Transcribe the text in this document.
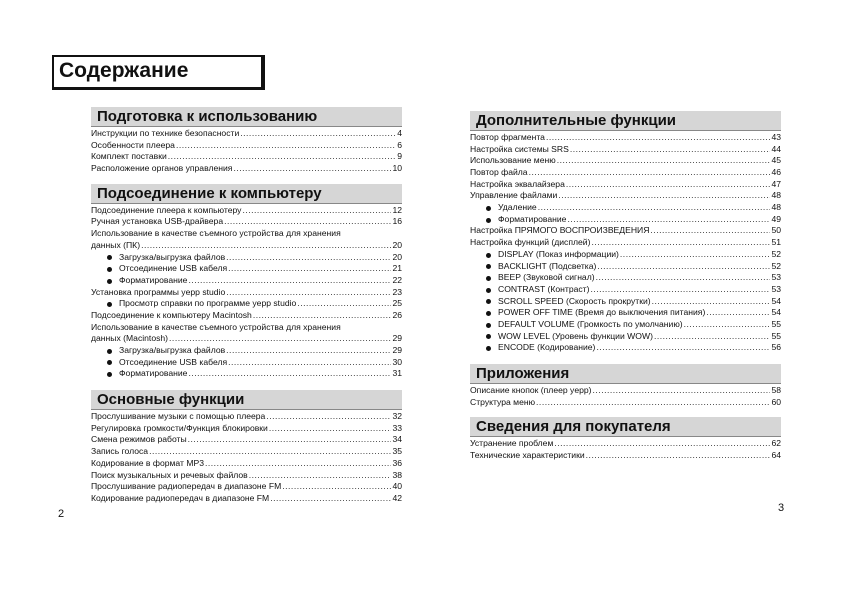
Содержание
Подготовка к использованию
Инструкции по технике безопасности .....	4
Особенности плеера .....	6
Комплект поставки .....	9
Расположение органов управления .....	10
Подсоединение к компьютеру
Подсоединение плеера к компьютеру .....	12
Ручная установка USB-драйвера .....	16
Использование в качестве съемного устройства для хранения
данных (ПК) .....	20
Загрузка/выгрузка файлов .....	20
Отсоединение USB кабеля .....	21
Форматирование .....	22
Установка программы yepp studio .....	23
Просмотр справки по программе yepp studio .....	25
Подсоединение к компьютеру Macintosh .....	26
Использование в качестве съемного устройства для хранения
данных (Macintosh) .....	29
Загрузка/выгрузка файлов .....	29
Отсоединение USB кабеля .....	30
Форматирование .....	31
Основные функции
Прослушивание музыки с помощью плеера .....	32
Регулировка громкости/Функция блокировки .....	33
Смена режимов работы .....	34
Запись голоса .....	35
Кодирование в формат MP3 .....	36
Поиск музыкальных и речевых файлов .....	38
Прослушивание радиопередач в диапазоне FM .....	40
Кодирование радиопередач в диапазоне FM .....	42
Дополнительные функции
Повтор фрагмента .....	43
Настройка системы SRS .....	44
Использование меню .....	45
Повтор файла .....	46
Настройка эквалайзера .....	47
Управление файлами .....	48
Удаление .....	48
Форматирование .....	49
Настройка ПРЯМОГО ВОСПРОИЗВЕДЕНИЯ .....	50
Настройка функций (дисплей) .....	51
DISPLAY (Показ информации) .....	52
BACKLIGHT (Подсветка) .....	52
BEEP (Звуковой сигнал) .....	53
CONTRAST (Контраст) .....	53
SCROLL SPEED (Скорость прокрутки) .....	54
POWER OFF TIME (Время до выключения питания) .....	54
DEFAULT VOLUME (Громкость по умолчанию) .....	55
WOW LEVEL (Уровень функции WOW) .....	55
ENCODE (Кодирование) .....	56
Приложения
Описание кнопок (плеер yepp) .....	58
Структура меню .....	60
Сведения для покупателя
Устранение проблем .....	62
Технические характеристики .....	64
2	3
